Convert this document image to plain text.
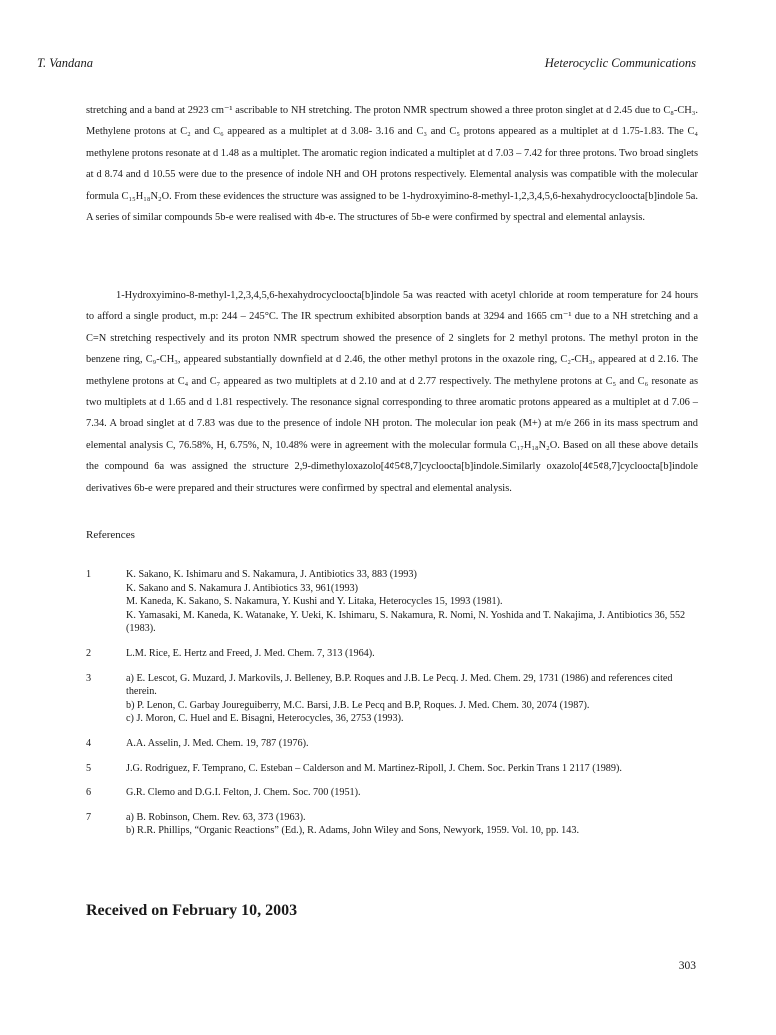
T. Vandana	Heterocyclic Communications

stretching and a band at 2923 cm⁻¹ ascribable to NH stretching. The proton NMR spectrum showed a three proton singlet at d 2.45 due to C₈-CH₃. Methylene protons at C₂ and C₆ appeared as a multiplet at d 3.08- 3.16 and C₃ and C₅ protons appeared as a multiplet at d 1.75-1.83. The C₄ methylene protons resonate at d 1.48 as a multiplet. The aromatic region indicated a multiplet at d 7.03 – 7.42 for three protons. Two broad singlets at d 8.74 and d 10.55 were due to the presence of indole NH and OH protons respectively. Elemental analysis was compatible with the molecular formula C₁₅H₁₈N₂O. From these evidences the structure was assigned to be 1-hydroxyimino-8-methyl-1,2,3,4,5,6-hexahydrocycloocta[b]indole 5a. A series of similar compounds 5b-e were realised with 4b-e. The structures of 5b-e were confirmed by spectral and elemental anlaysis.

1-Hydroxyimino-8-methyl-1,2,3,4,5,6-hexahydrocycloocta[b]indole 5a was reacted with acetyl chloride at room temperature for 24 hours to afford a single product, m.p: 244 – 245°C. The IR spectrum exhibited absorption bands at 3294 and 1665 cm⁻¹ due to a NH stretching and a C=N stretching respectively and its proton NMR spectrum showed the presence of 2 singlets for 2 methyl protons. The methyl proton in the benzene ring, C₉-CH₃, appeared substantially downfield at d 2.46, the other methyl protons in the oxazole ring, C₂-CH₃, appeared at d 2.16. The methylene protons at C₄ and C₇ appeared as two multiplets at d 2.10 and at d 2.77 respectively. The methylene protons at C₅ and C₆ resonate as two multiplets at d 1.65 and d 1.81 respectively. The resonance signal corresponding to three aromatic protons appeared as a multiplet at d 7.06 – 7.34. A broad singlet at d 7.83 was due to the presence of indole NH proton. The molecular ion peak (M+) at m/e 266 in its mass spectrum and elemental analysis C, 76.58%, H, 6.75%, N, 10.48% were in agreement with the molecular formula C₁₇H₁₈N₂O. Based on all these above details the compound 6a was assigned the structure 2,9-dimethyloxazolo[4¢5¢8,7]cycloocta[b]indole.Similarly oxazolo[4¢5¢8,7]cycloocta[b]indole derivatives 6b-e were prepared and their structures were confirmed by spectral and elemental analysis.

References
1	K. Sakano, K. Ishimaru and S. Nakamura, J. Antibiotics 33, 883 (1993)
K. Sakano and S. Nakamura J. Antibiotics 33, 961(1993)
M. Kaneda, K. Sakano, S. Nakamura, Y. Kushi and Y. Litaka, Heterocycles 15, 1993 (1981).
K. Yamasaki, M. Kaneda, K. Watanake, Y. Ueki, K. Ishimaru, S. Nakamura, R. Nomi, N. Yoshida and T. Nakajima, J. Antibiotics 36, 552 (1983).
2	L.M. Rice, E. Hertz and Freed, J. Med. Chem. 7, 313 (1964).
3	a) E. Lescot, G. Muzard, J. Markovils, J. Belleney, B.P. Roques and J.B. Le Pecq. J. Med. Chem. 29, 1731 (1986) and references cited therein.
b) P. Lenon, C. Garbay Joureguiberry, M.C. Barsi, J.B. Le Pecq and B.P, Roques. J. Med. Chem. 30, 2074 (1987).
c) J. Moron, C. Huel and E. Bisagni, Heterocycles, 36, 2753 (1993).
4	A.A. Asselin, J. Med. Chem. 19, 787 (1976).
5	J.G. Rodriguez, F. Temprano, C. Esteban – Calderson and M. Martinez-Ripoll, J. Chem. Soc. Perkin Trans 1 2117 (1989).
6	G.R. Clemo and D.G.I. Felton, J. Chem. Soc. 700 (1951).
7	a) B. Robinson, Chem. Rev. 63, 373 (1963).
b) R.R. Phillips, “Organic Reactions” (Ed.), R. Adams, John Wiley and Sons, Newyork, 1959. Vol. 10, pp. 143.
Received on February 10, 2003
303
